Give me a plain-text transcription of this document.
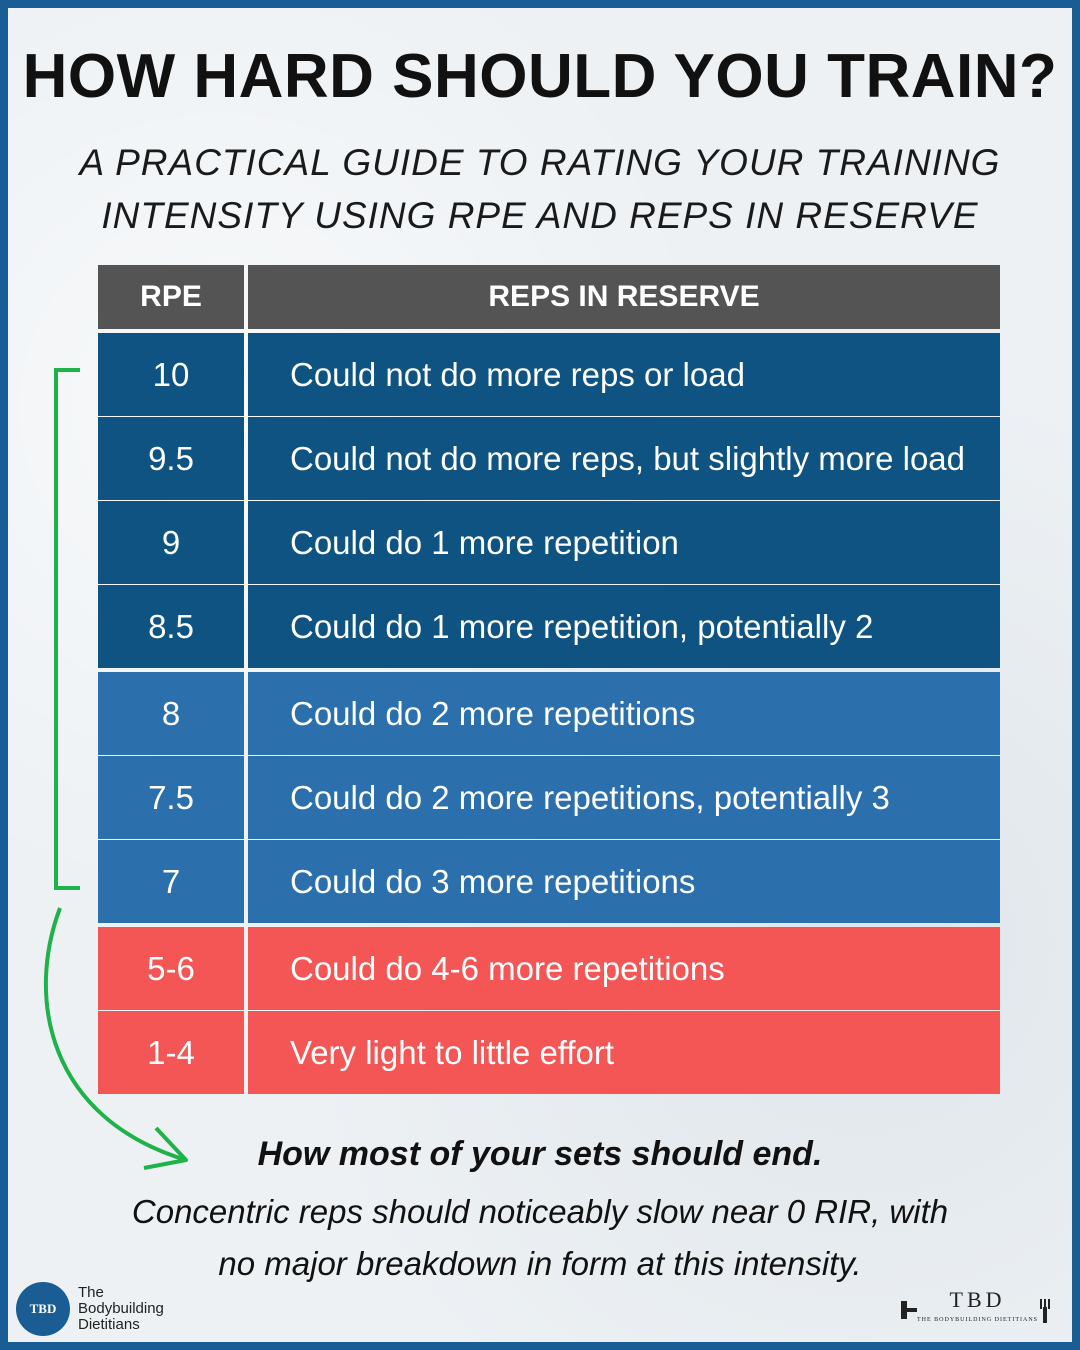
HOW HARD SHOULD YOU TRAIN?
A PRACTICAL GUIDE TO RATING YOUR TRAINING
INTENSITY USING RPE AND REPS IN RESERVE
RPE	REPS IN RESERVE
10	Could not do more reps or load
9.5	Could not do more reps, but slightly more load
9	Could do 1 more repetition
8.5	Could do 1 more repetition, potentially 2
8	Could do 2 more repetitions
7.5	Could do 2 more repetitions, potentially 3
7	Could do 3 more repetitions
5-6	Could do 4-6 more repetitions
1-4	Very light to little effort
How most of your sets should end.
Concentric reps should noticeably slow near 0 RIR, with
no major breakdown in form at this intensity.
TBD
The
Bodybuilding
Dietitians
TBD
THE BODYBUILDING DIETITIANS
